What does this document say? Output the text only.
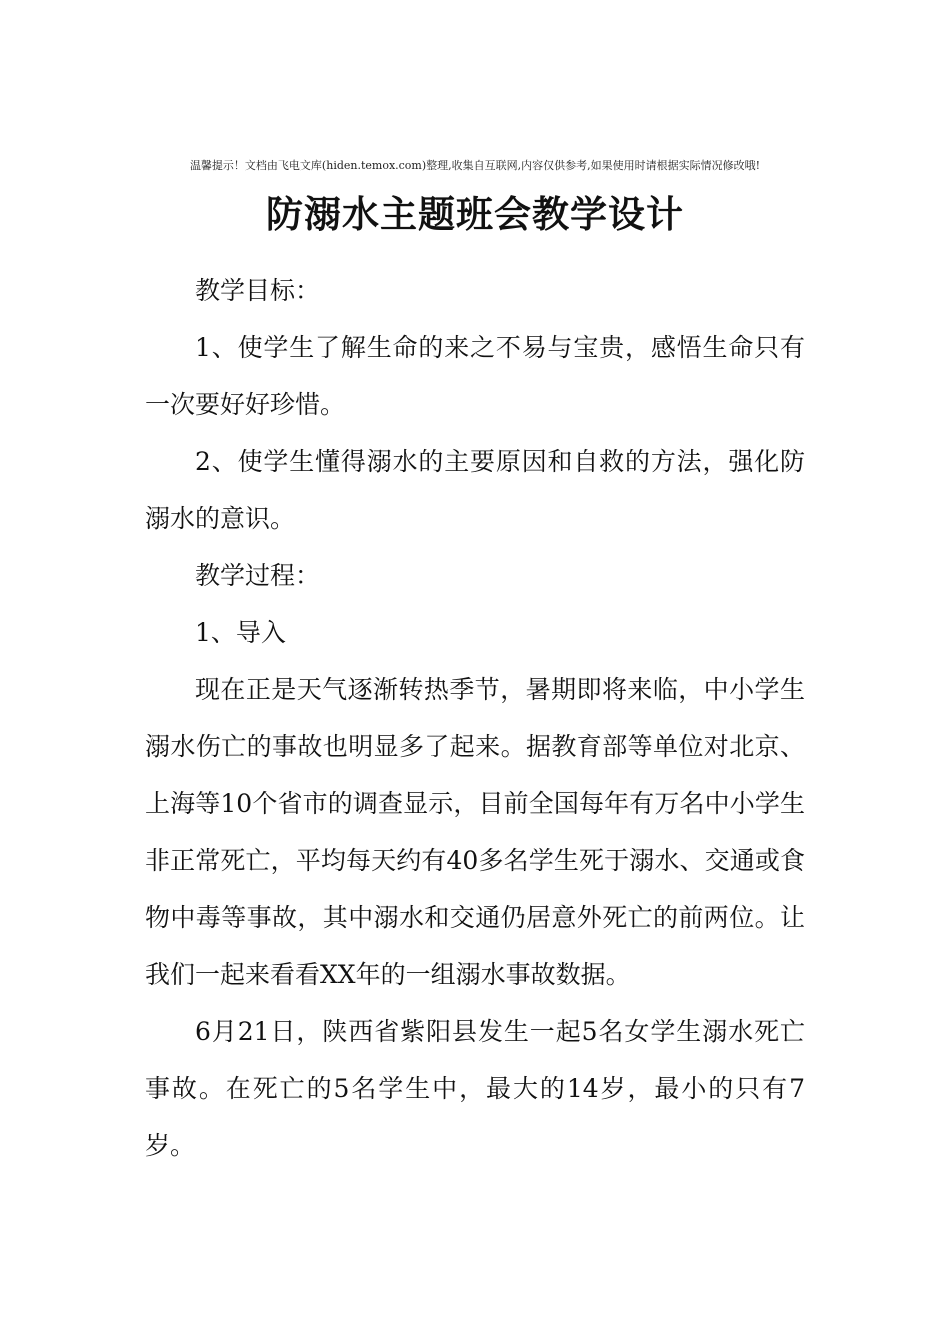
温馨提示！文档由飞电文库(hiden.temox.com)整理,收集自互联网,内容仅供参考,如果使用时请根据实际情况修改哦!
防溺水主题班会教学设计

教学目标：

1、使学生了解生命的来之不易与宝贵，感悟生命只有一次要好好珍惜。

2、使学生懂得溺水的主要原因和自救的方法，强化防溺水的意识。

教学过程：

1、导入

现在正是天气逐渐转热季节，暑期即将来临，中小学生溺水伤亡的事故也明显多了起来。据教育部等单位对北京、上海等10个省市的调查显示，目前全国每年有万名中小学生非正常死亡，平均每天约有40多名学生死于溺水、交通或食物中毒等事故，其中溺水和交通仍居意外死亡的前两位。让我们一起来看看XX年的一组溺水事故数据。

6月21日，陕西省紫阳县发生一起5名女学生溺水死亡事故。在死亡的5名学生中，最大的14岁，最小的只有7岁。
